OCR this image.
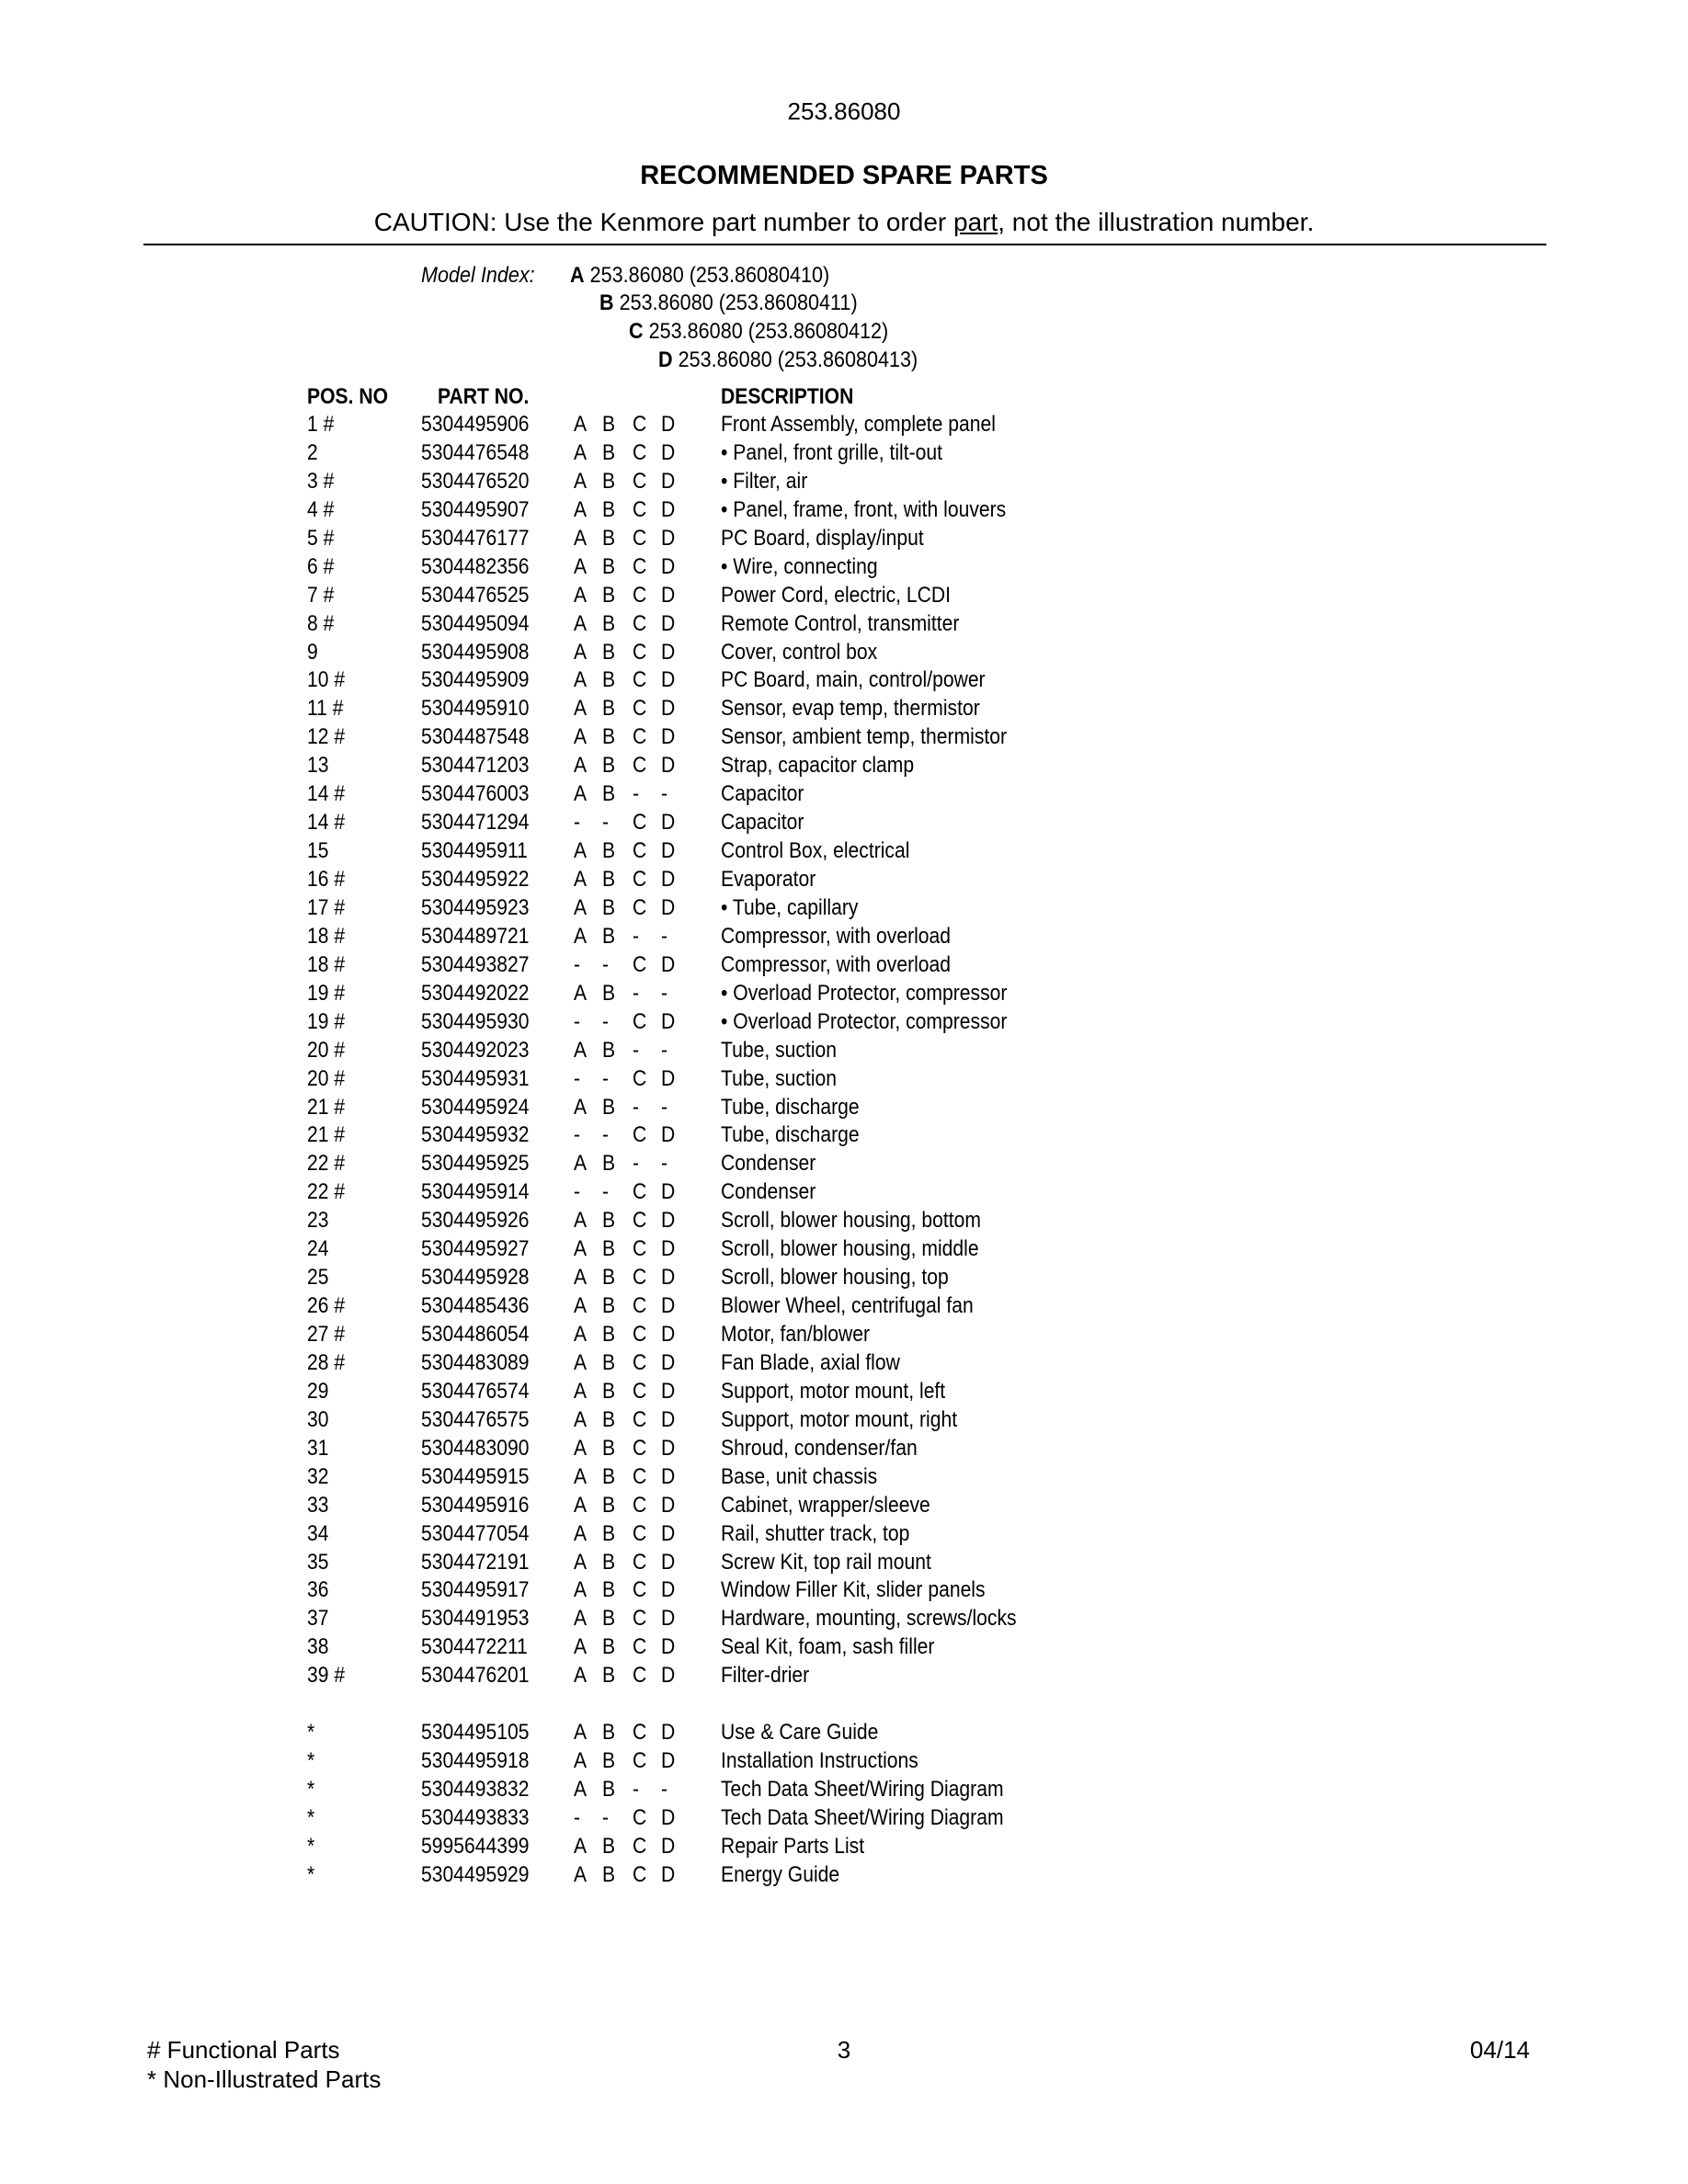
253.86080
RECOMMENDED SPARE PARTS
CAUTION: Use the Kenmore part number to order part, not the illustration number.
Model Index: A 253.86080 (253.86080410)
B 253.86080 (253.86080411)
C 253.86080 (253.86080412)
D 253.86080 (253.86080413)
POS. NO PART NO.	DESCRIPTION
1 #	5304495906 A B C D Front Assembly, complete panel
2	5304476548 A B C D • Panel, front grille, tilt-out
3 #	5304476520 A B C D • Filter, air
4 #	5304495907 A B C D • Panel, frame, front, with louvers
5 #	5304476177 A B C D PC Board, display/input
6 #	5304482356 A B C D • Wire, connecting
7 #	5304476525 A B C D Power Cord, electric, LCDI
8 #	5304495094 A B C D Remote Control, transmitter
9	5304495908 A B C D Cover, control box
10 #	5304495909 A B C D PC Board, main, control/power
11 #	5304495910 A B C D Sensor, evap temp, thermistor
12 #	5304487548 A B C D Sensor, ambient temp, thermistor
13	5304471203 A B C D Strap, capacitor clamp
14 #	5304476003 A B - - Capacitor
14 #	5304471294 - - C D Capacitor
15	5304495911 A B C D Control Box, electrical
16 #	5304495922 A B C D Evaporator
17 #	5304495923 A B C D • Tube, capillary
18 #	5304489721 A B - - Compressor, with overload
18 #	5304493827 - - C D Compressor, with overload
19 #	5304492022 A B - - • Overload Protector, compressor
19 #	5304495930 - - C D • Overload Protector, compressor
20 #	5304492023 A B - - Tube, suction
20 #	5304495931 - - C D Tube, suction
21 #	5304495924 A B - - Tube, discharge
21 #	5304495932 - - C D Tube, discharge
22 #	5304495925 A B - - Condenser
22 #	5304495914 - - C D Condenser
23	5304495926 A B C D Scroll, blower housing, bottom
24	5304495927 A B C D Scroll, blower housing, middle
25	5304495928 A B C D Scroll, blower housing, top
26 #	5304485436 A B C D Blower Wheel, centrifugal fan
27 #	5304486054 A B C D Motor, fan/blower
28 #	5304483089 A B C D Fan Blade, axial flow
29	5304476574 A B C D Support, motor mount, left
30	5304476575 A B C D Support, motor mount, right
31	5304483090 A B C D Shroud, condenser/fan
32	5304495915 A B C D Base, unit chassis
33	5304495916 A B C D Cabinet, wrapper/sleeve
34	5304477054 A B C D Rail, shutter track, top
35	5304472191 A B C D Screw Kit, top rail mount
36	5304495917 A B C D Window Filler Kit, slider panels
37	5304491953 A B C D Hardware, mounting, screws/locks
38	5304472211 A B C D Seal Kit, foam, sash filler
39 #	5304476201 A B C D Filter-drier
*	5304495105 A B C D Use & Care Guide
*	5304495918 A B C D Installation Instructions
*	5304493832 A B - - Tech Data Sheet/Wiring Diagram
*	5304493833 - - C D Tech Data Sheet/Wiring Diagram
*	5995644399 A B C D Repair Parts List
*	5304495929 A B C D Energy Guide
# Functional Parts
* Non-Illustrated Parts
3	04/14
